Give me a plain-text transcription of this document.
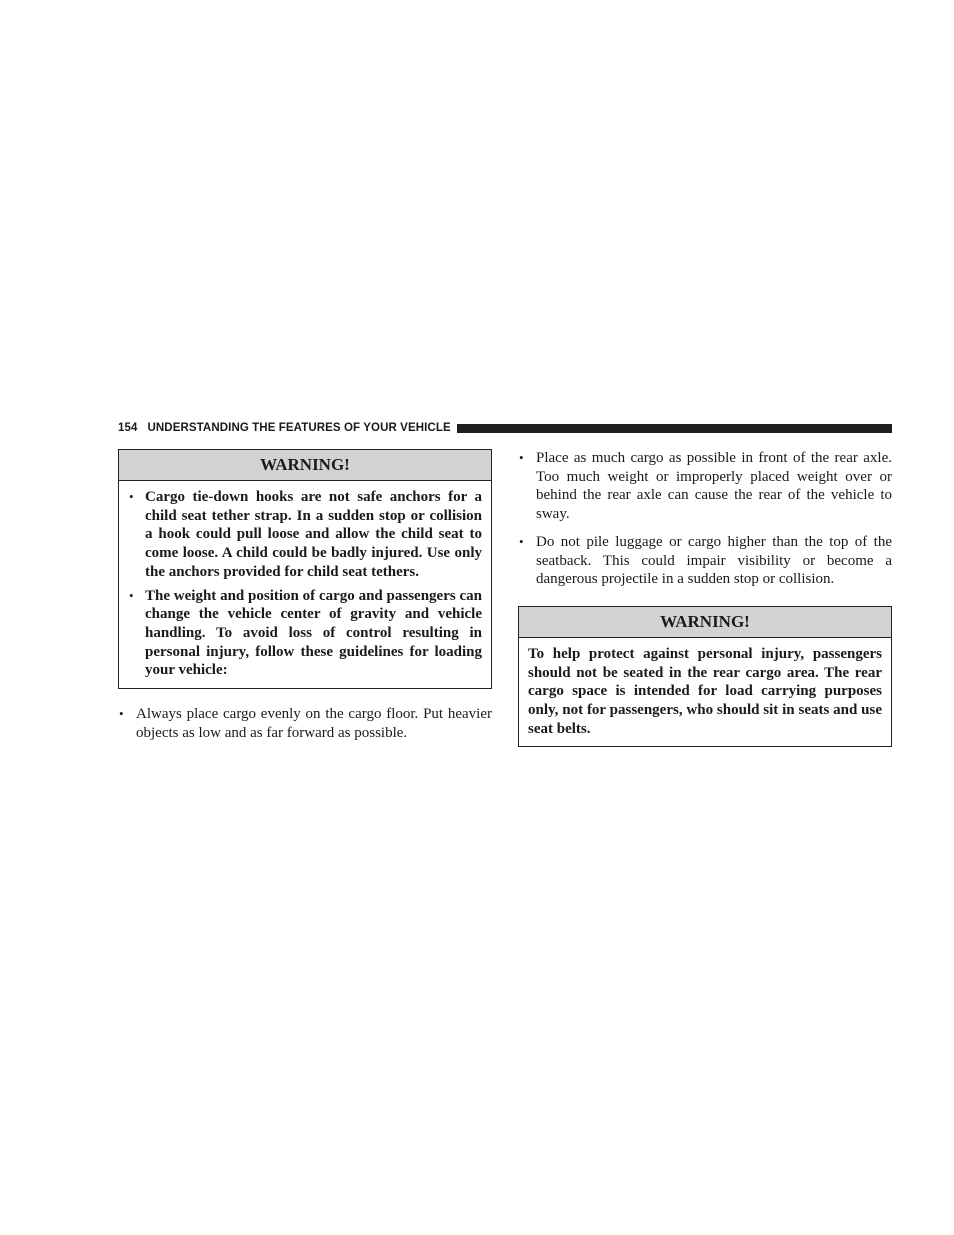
154 UNDERSTANDING THE FEATURES OF YOUR VEHICLE
WARNING!
• Cargo tie-down hooks are not safe anchors for a child seat tether strap. In a sudden stop or collision a hook could pull loose and allow the child seat to come loose. A child could be badly injured. Use only the anchors provided for child seat tethers.
• The weight and position of cargo and passengers can change the vehicle center of gravity and vehicle handling. To avoid loss of control resulting in personal injury, follow these guidelines for loading your vehicle:
• Always place cargo evenly on the cargo floor. Put heavier objects as low and as far forward as possible.
• Place as much cargo as possible in front of the rear axle. Too much weight or improperly placed weight over or behind the rear axle can cause the rear of the vehicle to sway.
• Do not pile luggage or cargo higher than the top of the seatback. This could impair visibility or become a dangerous projectile in a sudden stop or collision.
WARNING!
To help protect against personal injury, passengers should not be seated in the rear cargo area. The rear cargo space is intended for load carrying purposes only, not for passengers, who should sit in seats and use seat belts.
